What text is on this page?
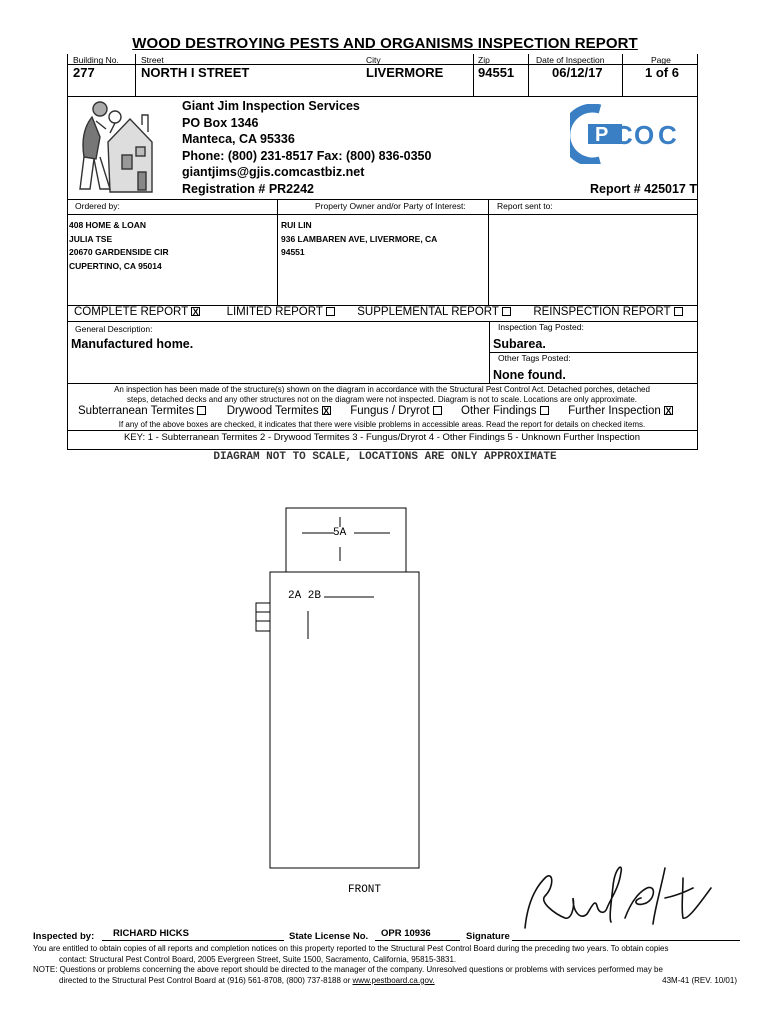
WOOD DESTROYING PESTS AND ORGANISMS INSPECTION REPORT
Building No.	Street	City	Zip	Date of Inspection	Page
277	NORTH I STREET	LIVERMORE	94551	06/12/17	1 of 6
Giant Jim Inspection Services
PO Box 1346
Manteca, CA 95336
Phone: (800) 231-8517 Fax: (800) 836-0350
giantjims@gjis.comcastbiz.net
Registration # PR2242	Report # 425017 T
P C O C
Ordered by:	Property Owner and/or Party of Interest:	Report sent to:
408 HOME & LOAN
JULIA TSE
20670 GARDENSIDE CIR
CUPERTINO, CA 95014
RUI LIN
936 LAMBAREN AVE, LIVERMORE, CA
94551
COMPLETE REPORT X LIMITED REPORT	SUPPLEMENTAL REPORT	REINSPECTION REPORT
General Description:
Manufactured home.
Inspection Tag Posted:
Subarea.
Other Tags Posted:
None found.
An inspection has been made of the structure(s) shown on the diagram in accordance with the Structural Pest Control Act. Detached porches, detached
steps, detached decks and any other structures not on the diagram were not inspected. Diagram is not to scale. Locations are only approximate.
Subterranean Termites	Drywood Termites X Fungus / Dryrot	Other Findings	Further Inspection X
If any of the above boxes are checked, it indicates that there were visible problems in accessible areas. Read the report for details on checked items.
KEY: 1 - Subterranean Termites 2 - Drywood Termites 3 - Fungus/Dryrot 4 - Other Findings 5 - Unknown Further Inspection
DIAGRAM NOT TO SCALE, LOCATIONS ARE ONLY APPROXIMATE
5A
2A 2B
FRONT
Inspected by: RICHARD HICKS	State License No. OPR 10936	Signature
You are entitled to obtain copies of all reports and completion notices on this property reported to the Structural Pest Control Board during the preceding two years. To obtain copies
contact: Structural Pest Control Board, 2005 Evergreen Street, Suite 1500, Sacramento, California, 95815-3831.
NOTE: Questions or problems concerning the above report should be directed to the manager of the company. Unresolved questions or problems with services performed may be
directed to the Structural Pest Control Board at (916) 561-8708, (800) 737-8188 or www.pestboard.ca.gov.	43M-41 (REV. 10/01)
